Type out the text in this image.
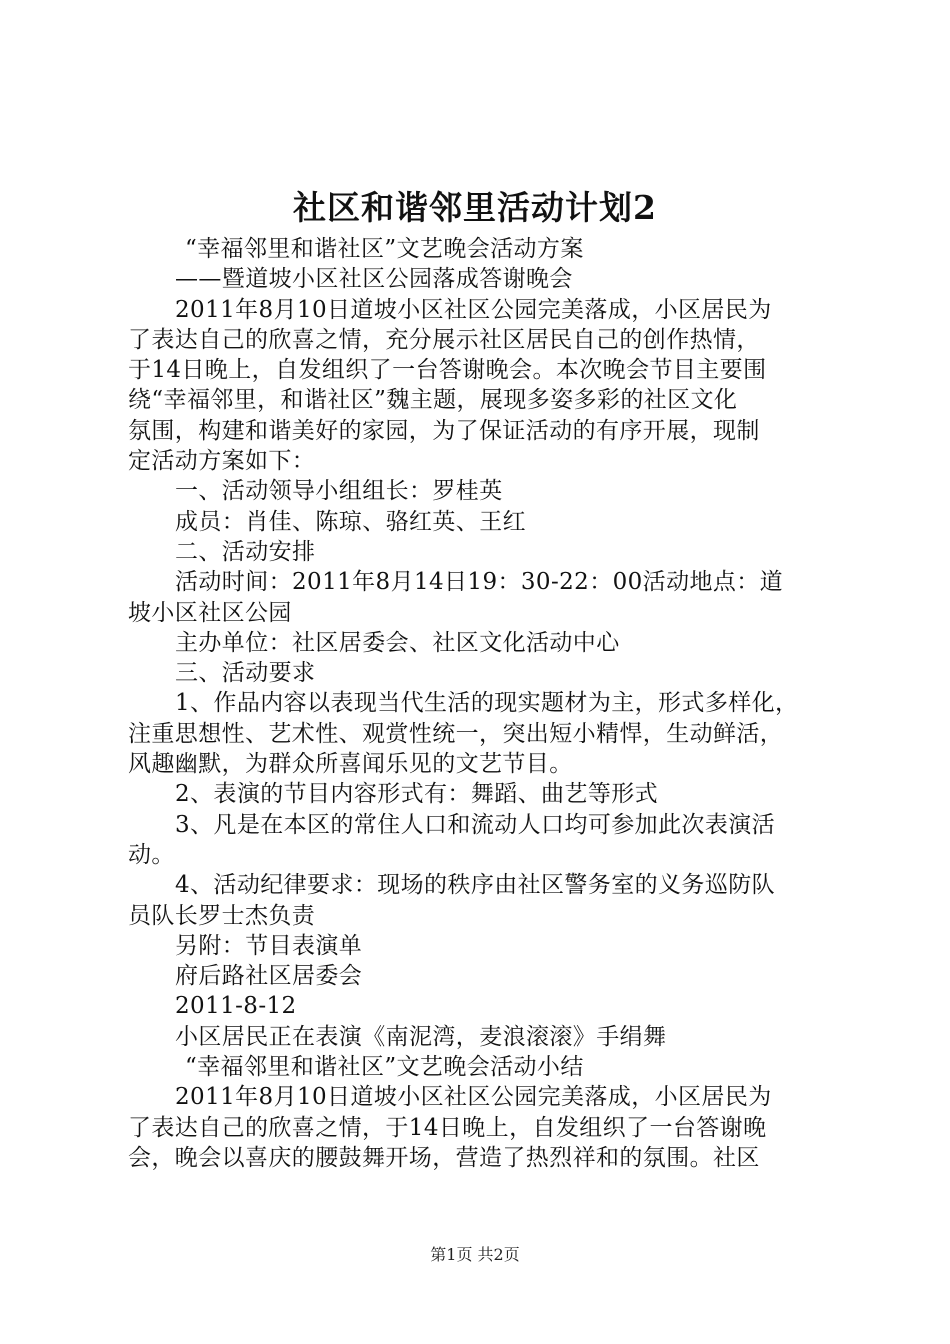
社区和谐邻里活动计划2
“幸福邻里和谐社区”文艺晚会活动方案
——暨道坡小区社区公园落成答谢晚会
2011年8月10日道坡小区社区公园完美落成，小区居民为
了表达自己的欣喜之情，充分展示社区居民自己的创作热情，
于14日晚上，自发组织了一台答谢晚会。本次晚会节目主要围
绕“幸福邻里，和谐社区”魏主题，展现多姿多彩的社区文化
氛围，构建和谐美好的家园，为了保证活动的有序开展，现制
定活动方案如下：
一、活动领导小组组长：罗桂英
成员：肖佳、陈琼、骆红英、王红
二、活动安排
活动时间：2011年8月14日19：30-22：00活动地点：道
坡小区社区公园
主办单位：社区居委会、社区文化活动中心
三、活动要求
1、作品内容以表现当代生活的现实题材为主，形式多样化，
注重思想性、艺术性、观赏性统一，突出短小精悍，生动鲜活，
风趣幽默，为群众所喜闻乐见的文艺节目。
2、表演的节目内容形式有：舞蹈、曲艺等形式
3、凡是在本区的常住人口和流动人口均可参加此次表演活
动。
4、活动纪律要求：现场的秩序由社区警务室的义务巡防队
员队长罗士杰负责
另附：节目表演单
府后路社区居委会
2011-8-12
小区居民正在表演《南泥湾，麦浪滚滚》手绢舞
“幸福邻里和谐社区”文艺晚会活动小结
2011年8月10日道坡小区社区公园完美落成，小区居民为
了表达自己的欣喜之情，于14日晚上，自发组织了一台答谢晚
会，晚会以喜庆的腰鼓舞开场，营造了热烈祥和的氛围。社区
第1页 共2页
